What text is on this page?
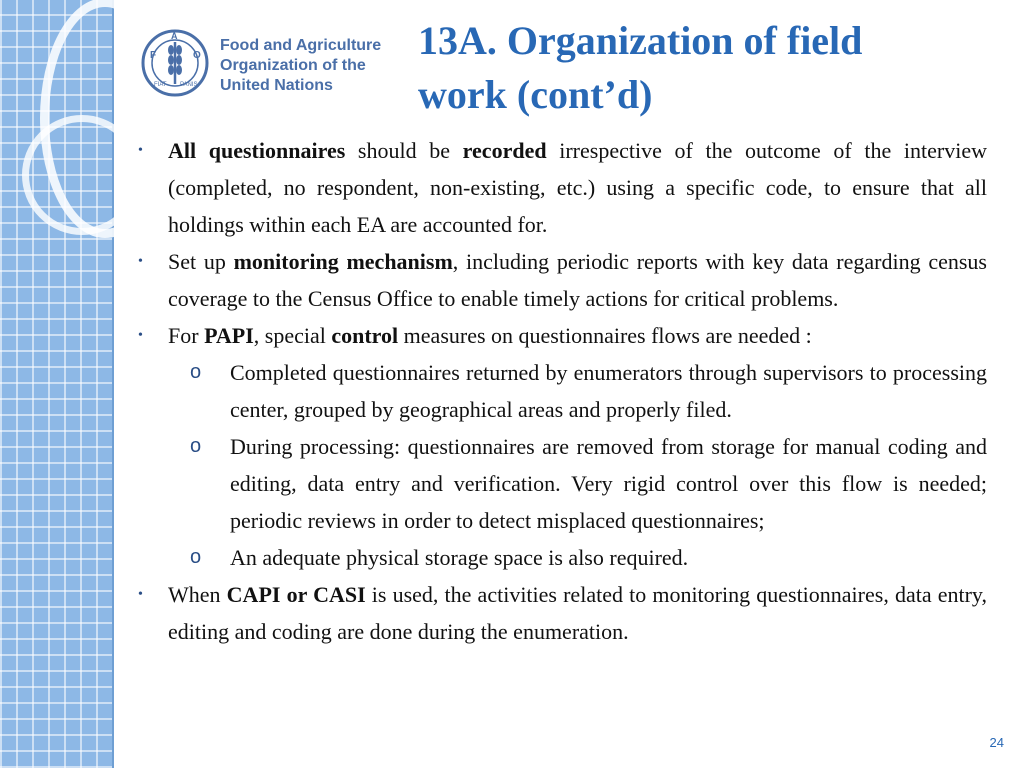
F
A
O
FIAT PANIS
Food and Agriculture
Organization of the
United Nations
13A. Organization of field
work (cont’d)

• All questionnaires should be recorded irrespective of the outcome of the interview (completed, no respondent, non-existing, etc.) using a specific code, to ensure that all holdings within each EA are accounted for.

• Set up monitoring mechanism, including periodic reports with key data regarding census coverage to the Census Office to enable timely actions for critical problems.

• For PAPI, special control measures on questionnaires flows are needed :

o Completed questionnaires returned by enumerators through supervisors to processing center, grouped by geographical areas and properly filed.

o During processing: questionnaires are removed from storage for manual coding and editing, data entry and verification. Very rigid control over this flow is needed; periodic reviews in order to detect misplaced questionnaires;

o An adequate physical storage space is also required.

• When CAPI or CASI is used, the activities related to monitoring questionnaires, data entry, editing and coding are done during the enumeration.

24
